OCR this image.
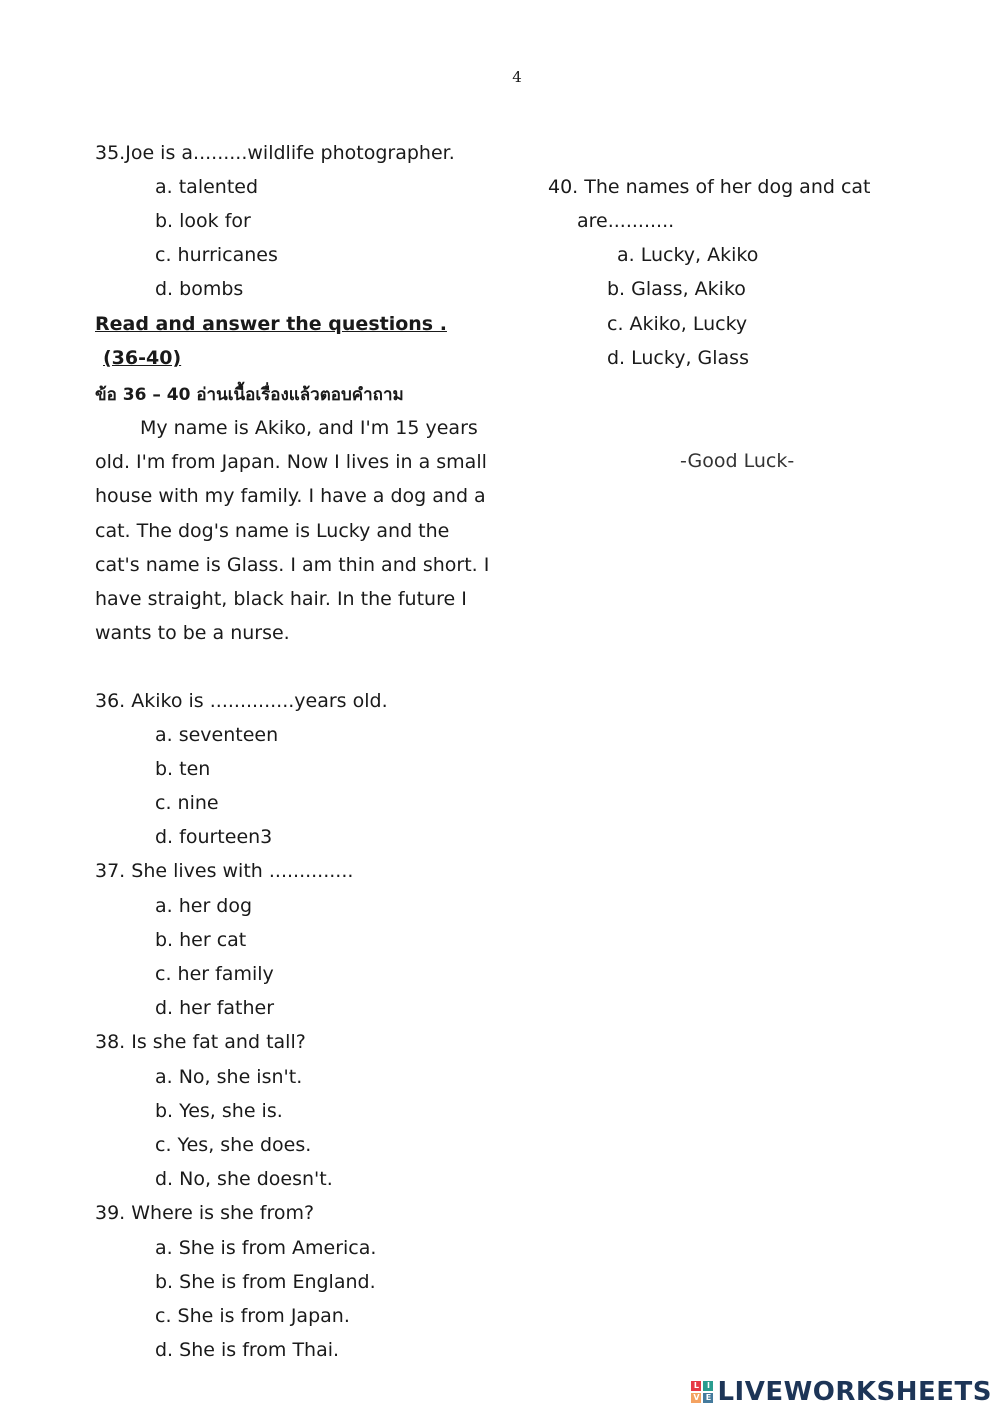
4
35.Joe is a.........wildlife photographer.
a. talented
b. look for
c. hurricanes
d. bombs
Read and answer the questions .
(36-40)
ข้อ 36 – 40 อ่านเนื้อเรื่องแล้วตอบคำถาม

My name is Akiko, and I'm 15 years old. I'm from Japan. Now I lives in a small house with my family. I have a dog and a cat. The dog's name is Lucky and the cat's name is Glass. I am thin and short. I have straight, black hair. In the future I wants to be a nurse.

36. Akiko is ..............years old.
a. seventeen
b. ten
c. nine
d. fourteen3
37. She lives with ..............
a. her dog
b. her cat
c. her family
d. her father
38. Is she fat and tall?
a. No, she isn't.
b. Yes, she is.
c. Yes, she does.
d. No, she doesn't.
39. Where is she from?
a. She is from America.
b. She is from England.
c. She is from Japan.
d. She is from Thai.
40. The names of her dog and cat
are...........
a. Lucky, Akiko
b. Glass, Akiko
c. Akiko, Lucky
d. Lucky, Glass
-Good Luck-
L I
V E LIVEWORKSHEETS
